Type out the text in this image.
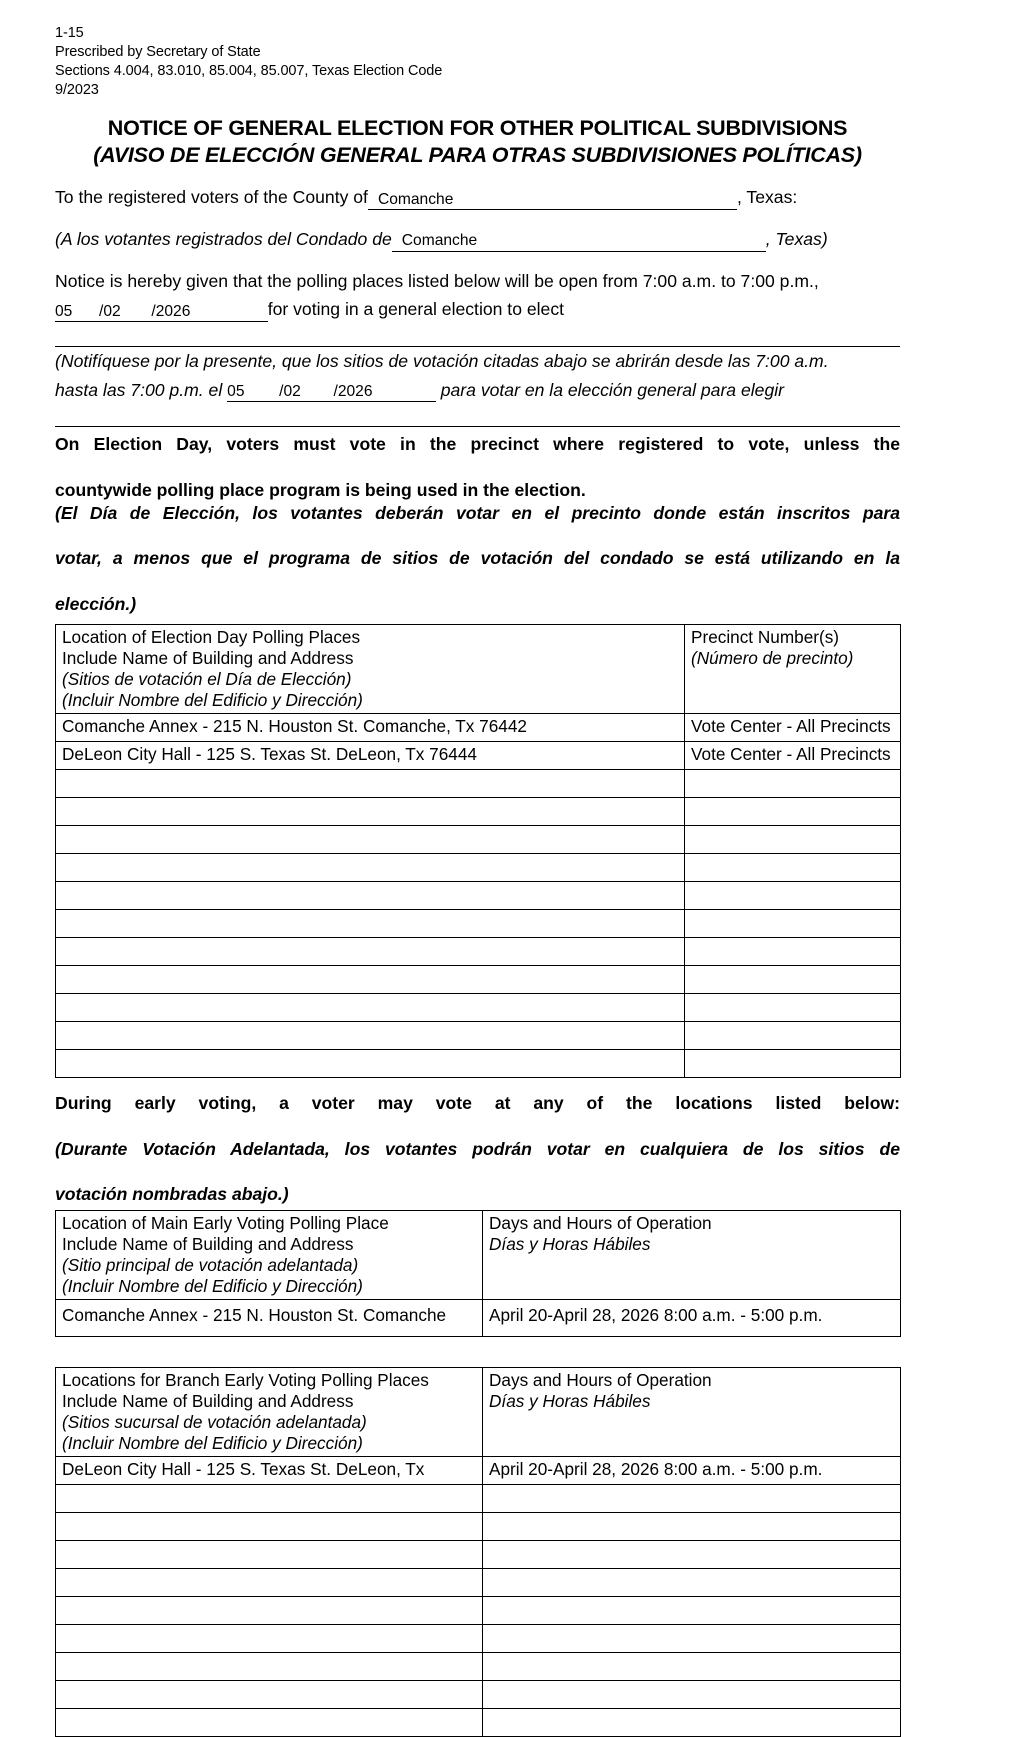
1-15
Prescribed by Secretary of State
Sections 4.004, 83.010, 85.004, 85.007, Texas Election Code
9/2023
NOTICE OF GENERAL ELECTION FOR OTHER POLITICAL SUBDIVISIONS
(AVISO DE ELECCIÓN GENERAL PARA OTRAS SUBDIVISIONES POLÍTICAS)
To the registered voters of the County of Comanche	, Texas:
(A los votantes registrados del Condado de Comanche	, Texas)
Notice is hereby given that the polling places listed below will be open from 7:00 a.m. to 7:00 p.m.,
05 /02 /2026	for voting in a general election to elect
(Notifíquese por la presente, que los sitios de votación citadas abajo se abrirán desde las 7:00 a.m.
hasta las 7:00 p.m. el
05 /02 /2026
	para votar en la elección general para elegir
On Election Day, voters must vote in the precinct where registered to vote, unless the
countywide polling place program is being used in the election.
(El Día de Elección, los votantes deberán votar en el precinto donde están inscritos para
votar, a menos que el programa de sitios de votación del condado se está utilizando en la
elección.)
Location of Election Day Polling Places
Include Name of Building and Address
(Sitios de votación el Día de Elección)
(Incluir Nombre del Edificio y Dirección)	Precinct Number(s)
(Número de precinto)

Comanche Annex - 215 N. Houston St. Comanche, Tx 76442	Vote Center - All Precincts
DeLeon City Hall - 125 S. Texas St. DeLeon, Tx 76444	Vote Center - All Precincts

During early voting, a voter may vote at any of the locations listed below:
(Durante Votación Adelantada, los votantes podrán votar en cualquiera de los sitios de
votación nombradas abajo.)
Location of Main Early Voting Polling Place
Include Name of Building and Address
(Sitio principal de votación adelantada)
(Incluir Nombre del Edificio y Dirección)	Days and Hours of Operation
Días y Horas Hábiles

Comanche Annex - 215 N. Houston St. Comanche	April 20-April 28, 2026 8:00 a.m. - 5:00 p.m.
Locations for Branch Early Voting Polling Places
Include Name of Building and Address
(Sitios sucursal de votación adelantada)
(Incluir Nombre del Edificio y Dirección)	Days and Hours of Operation
Días y Horas Hábiles

DeLeon City Hall - 125 S. Texas St. DeLeon, Tx	April 20-April 28, 2026 8:00 a.m. - 5:00 p.m.
